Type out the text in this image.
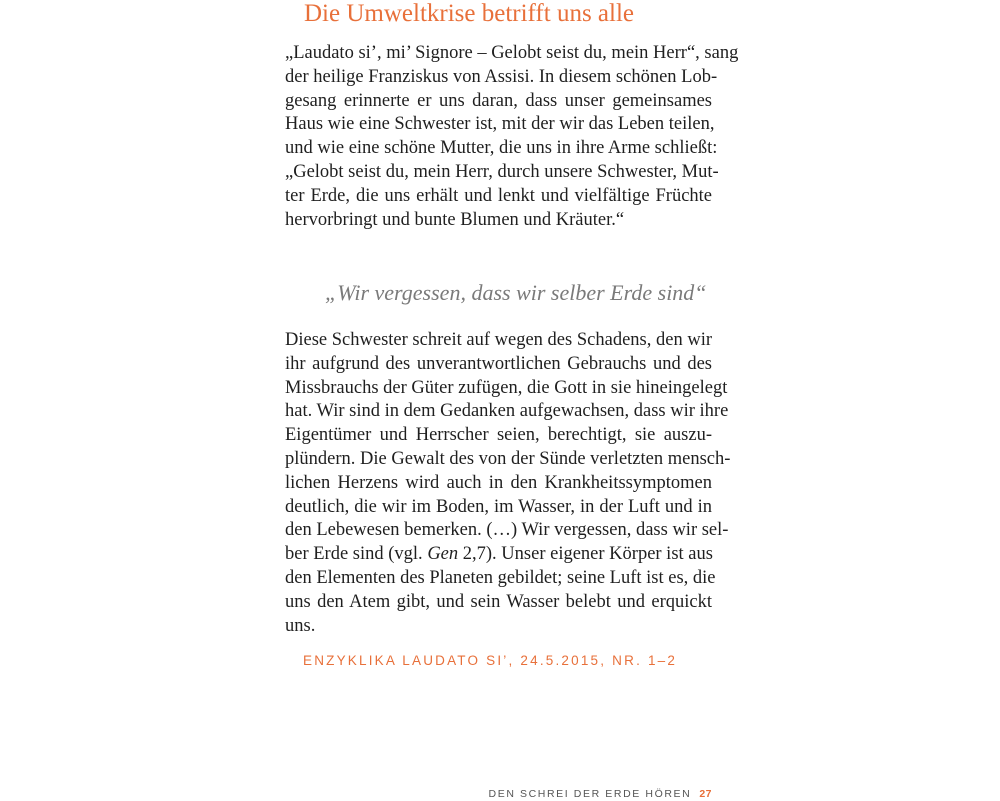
Die Umweltkrise betrifft uns alle

„Laudato si’, mi’ Signore – Gelobt seist du, mein Herr“, sang
der heilige Franziskus von Assisi. In diesem schönen Lob-
gesang erinnerte er uns daran, dass unser gemeinsames
Haus wie eine Schwester ist, mit der wir das Leben teilen,
und wie eine schöne Mutter, die uns in ihre Arme schließt:
„Gelobt seist du, mein Herr, durch unsere Schwester, Mut-
ter Erde, die uns erhält und lenkt und vielfältige Früchte
hervorbringt und bunte Blumen und Kräuter.“

„Wir vergessen, dass wir selber Erde sind“

Diese Schwester schreit auf wegen des Schadens, den wir
ihr aufgrund des unverantwortlichen Gebrauchs und des
Missbrauchs der Güter zufügen, die Gott in sie hineingelegt
hat. Wir sind in dem Gedanken aufgewachsen, dass wir ihre
Eigentümer und Herrscher seien, berechtigt, sie auszu-
plündern. Die Gewalt des von der Sünde verletzten mensch-
lichen Herzens wird auch in den Krankheitssymptomen
deutlich, die wir im Boden, im Wasser, in der Luft und in
den Lebewesen bemerken. (…) Wir vergessen, dass wir sel-
ber Erde sind (vgl. Gen 2,7). Unser eigener Körper ist aus
den Elementen des Planeten gebildet; seine Luft ist es, die
uns den Atem gibt, und sein Wasser belebt und erquickt
uns.

ENZYKLIKA LAUDATO SI’, 24.5.2015, NR. 1–2

DEN SCHREI DER ERDE HÖREN 27
